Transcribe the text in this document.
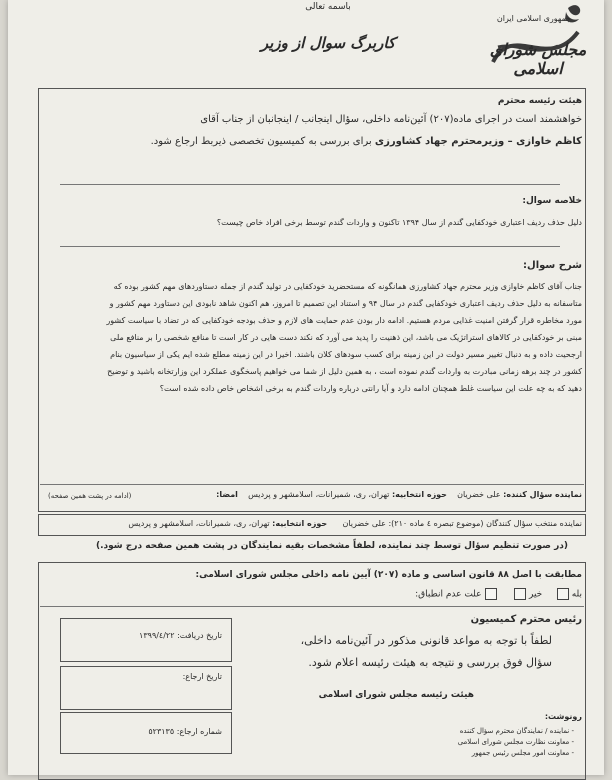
باسمه تعالی
کاربرگ سوال از وزیر
جمهوری اسلامی ایران
مجلس شورای اسلامی
هیئت رئیسه محترم
خواهشمند است در اجرای ماده(۲۰۷) آئین‌نامه داخلی، سؤال اینجانب / اینجانبان از جناب آقای
کاظم خاوازی – وزیرمحترم جهاد کشاورزی برای بررسی به کمیسیون تخصصی ذیربط ارجاع شود.
خلاصه سوال:
دلیل حذف ردیف اعتباری خودکفایی گندم از سال ۱۳۹۴ تاکنون و واردات گندم توسط برخی افراد خاص چیست؟
شرح سوال:
جناب آقای کاظم خاوازی وزیر محترم جهاد کشاورزی همانگونه که مستحضرید خودکفایی در تولید گندم از جمله دستاوردهای مهم کشور بوده که
متاسفانه به دلیل حذف ردیف اعتباری خودکفایی گندم در سال ۹۴ و استناد این تصمیم تا امروز، هم اکنون شاهد نابودی این دستاورد مهم کشور و
مورد مخاطره قرار گرفتن امنیت غذایی مردم هستیم. ادامه دار بودن عدم حمایت های لازم و حذف بودجه خودکفایی که در تضاد با سیاست کشور
مبنی بر خودکفایی در کالاهای استراتژیک می باشد، این ذهنیت را پدید می آورد که نکند دست هایی در کار است تا منافع شخصی را بر منافع ملی
ارجحیت داده و به دنبال تغییر مسیر دولت در این زمینه برای کسب سودهای کلان باشند. اخیرا در این زمینه مطلع شده ایم یکی از سیاسیون بنام
کشور در چند برهه زمانی مبادرت به واردات گندم نموده است ، به همین دلیل از شما می خواهیم پاسخگوی عملکرد این وزارتخانه باشید و توضیح
دهید که به چه علت این سیاست غلط همچنان ادامه دارد و آیا رانتی درباره واردات گندم به برخی اشخاص خاص داده شده است؟
نماینده سؤال کننده: علی خضریان    حوزه انتخابیه: تهران، ری، شمیرانات، اسلامشهر و پردیس    امضا:
(ادامه در پشت همین صفحه)
نماینده منتخب سؤال کنندگان (موضوع تبصره ٤ ماده ٢١٠): علی خضریان      حوزه انتخابیه: تهران، ری، شمیرانات، اسلامشهر و پردیس
(در صورت تنظیم سؤال توسط چند نماینده، لطفاً مشخصات بقیه نمایندگان در پشت همین صفحه درج شود.)
مطابقت با اصل ٨٨ قانون اساسی و ماده (٢٠٧) آیین نامه داخلی مجلس شورای اسلامی:
بله    خیر    علت عدم انطباق:
تاریخ دریافت: ١٣٩٩/٤/٢٢
تاریخ ارجاع:
شماره ارجاع: ٥٢٣١٣٥
رئیس محترم کمیسیون
لطفاً با توجه به مواعد قانونی مذکور در آئین‌نامه داخلی،
سؤال فوق بررسی و نتیجه به هیئت رئیسه اعلام شود.
هیئت رئیسه مجلس شورای اسلامی
رونوشت:
- نماینده / نمایندگان محترم سؤال کننده
- معاونت نظارت مجلس شورای اسلامی
- معاونت امور مجلس رئیس جمهور
